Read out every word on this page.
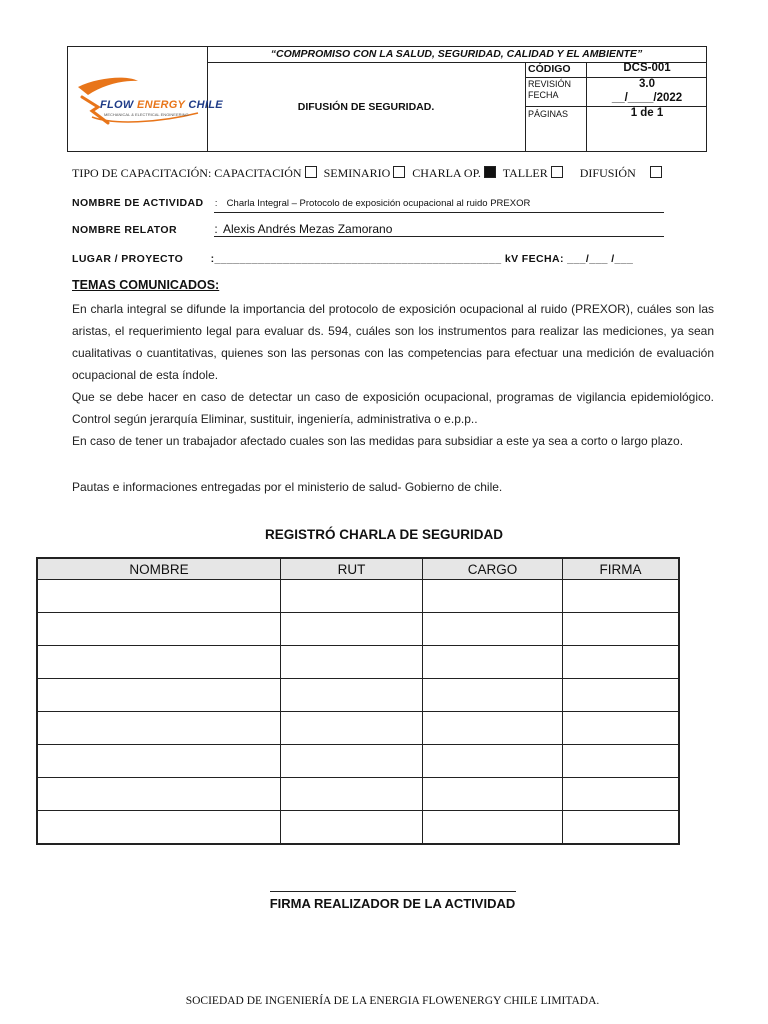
FLOW ENERGY CHILE
MECHANICAL & ELECTRICAL ENGINEERING
“COMPROMISO CON LA SALUD, SEGURIDAD, CALIDAD Y EL AMBIENTE”
DIFUSIÓN DE SEGURIDAD.
CÓDIGO	DCS-001
REVISIÓN	3.0
FECHA	__/____/2022
PÁGINAS	1 de 1
TIPO DE CAPACITACIÓN: CAPACITACIÓN SEMINARIO CHARLA OP. TALLER	DIFUSIÓN
NOMBRE DE ACTIVIDAD : Charla Integral – Protocolo de exposición ocupacional al ruido PREXOR
NOMBRE RELATOR	: Alexis Andrés Mezas Zamorano
LUGAR / PROYECTO	:______________________________________________ kV FECHA: ___/___ /___
TEMAS COMUNICADOS:
En charla integral se difunde la importancia del protocolo de exposición ocupacional al ruido (PREXOR), cuáles son las aristas, el requerimiento legal para evaluar ds. 594, cuáles son los instrumentos para realizar las mediciones, ya sean cualitativas o cuantitativas, quienes son las personas con las competencias para efectuar una medición de evaluación ocupacional de esta índole.
Que se debe hacer en caso de detectar un caso de exposición ocupacional, programas de vigilancia epidemiológico. Control según jerarquía Eliminar, sustituir, ingeniería, administrativa o e.p.p..
En caso de tener un trabajador afectado cuales son las medidas para subsidiar a este ya sea a corto o largo plazo.
Pautas e informaciones entregadas por el ministerio de salud- Gobierno de chile.
REGISTRÓ CHARLA DE SEGURIDAD
NOMBRE	RUT	CARGO	FIRMA

FIRMA REALIZADOR DE LA ACTIVIDAD
SOCIEDAD DE INGENIERÍA DE LA ENERGIA FLOWENERGY CHILE LIMITADA.
